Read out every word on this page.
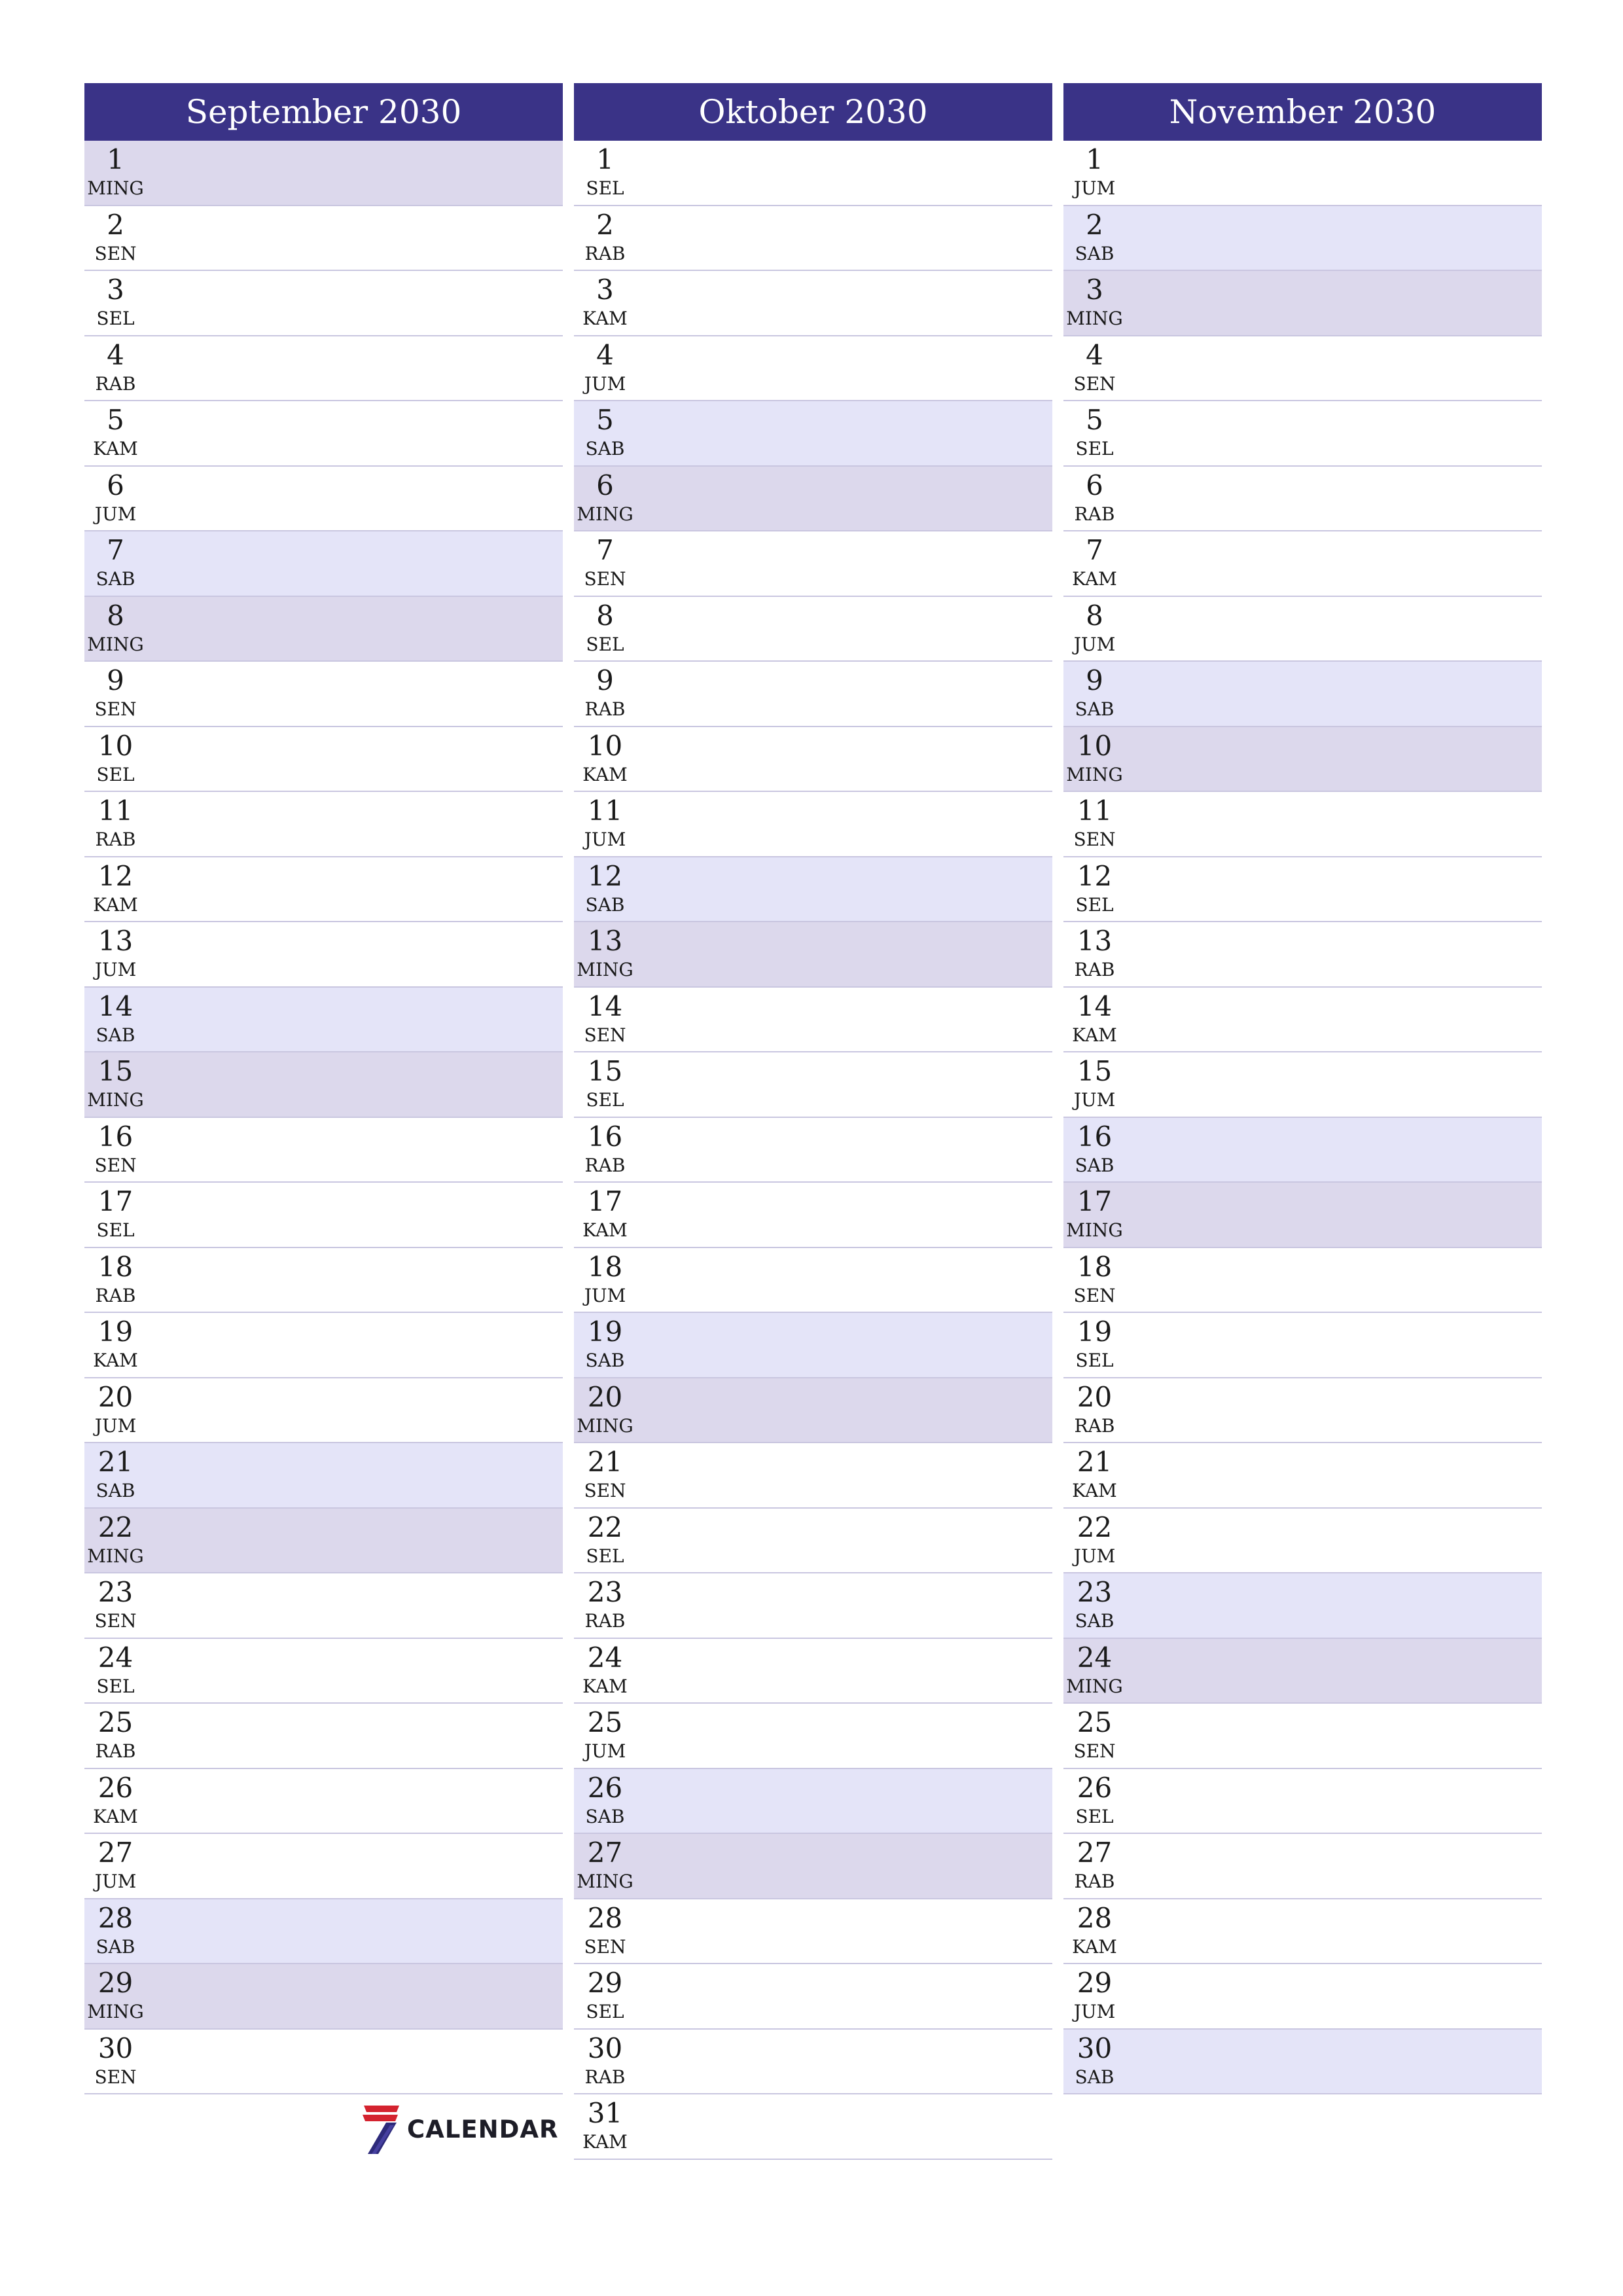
September 2030
1
MING
2
SEN
3
SEL
4
RAB
5
KAM
6
JUM
7
SAB
8
MING
9
SEN
10
SEL
11
RAB
12
KAM
13
JUM
14
SAB
15
MING
16
SEN
17
SEL
18
RAB
19
KAM
20
JUM
21
SAB
22
MING
23
SEN
24
SEL
25
RAB
26
KAM
27
JUM
28
SAB
29
MING
30
SEN
Oktober 2030
1
SEL
2
RAB
3
KAM
4
JUM
5
SAB
6
MING
7
SEN
8
SEL
9
RAB
10
KAM
11
JUM
12
SAB
13
MING
14
SEN
15
SEL
16
RAB
17
KAM
18
JUM
19
SAB
20
MING
21
SEN
22
SEL
23
RAB
24
KAM
25
JUM
26
SAB
27
MING
28
SEN
29
SEL
30
RAB
31
KAM
November 2030
1
JUM
2
SAB
3
MING
4
SEN
5
SEL
6
RAB
7
KAM
8
JUM
9
SAB
10
MING
11
SEN
12
SEL
13
RAB
14
KAM
15
JUM
16
SAB
17
MING
18
SEN
19
SEL
20
RAB
21
KAM
22
JUM
23
SAB
24
MING
25
SEN
26
SEL
27
RAB
28
KAM
29
JUM
30
SAB
CALENDAR
